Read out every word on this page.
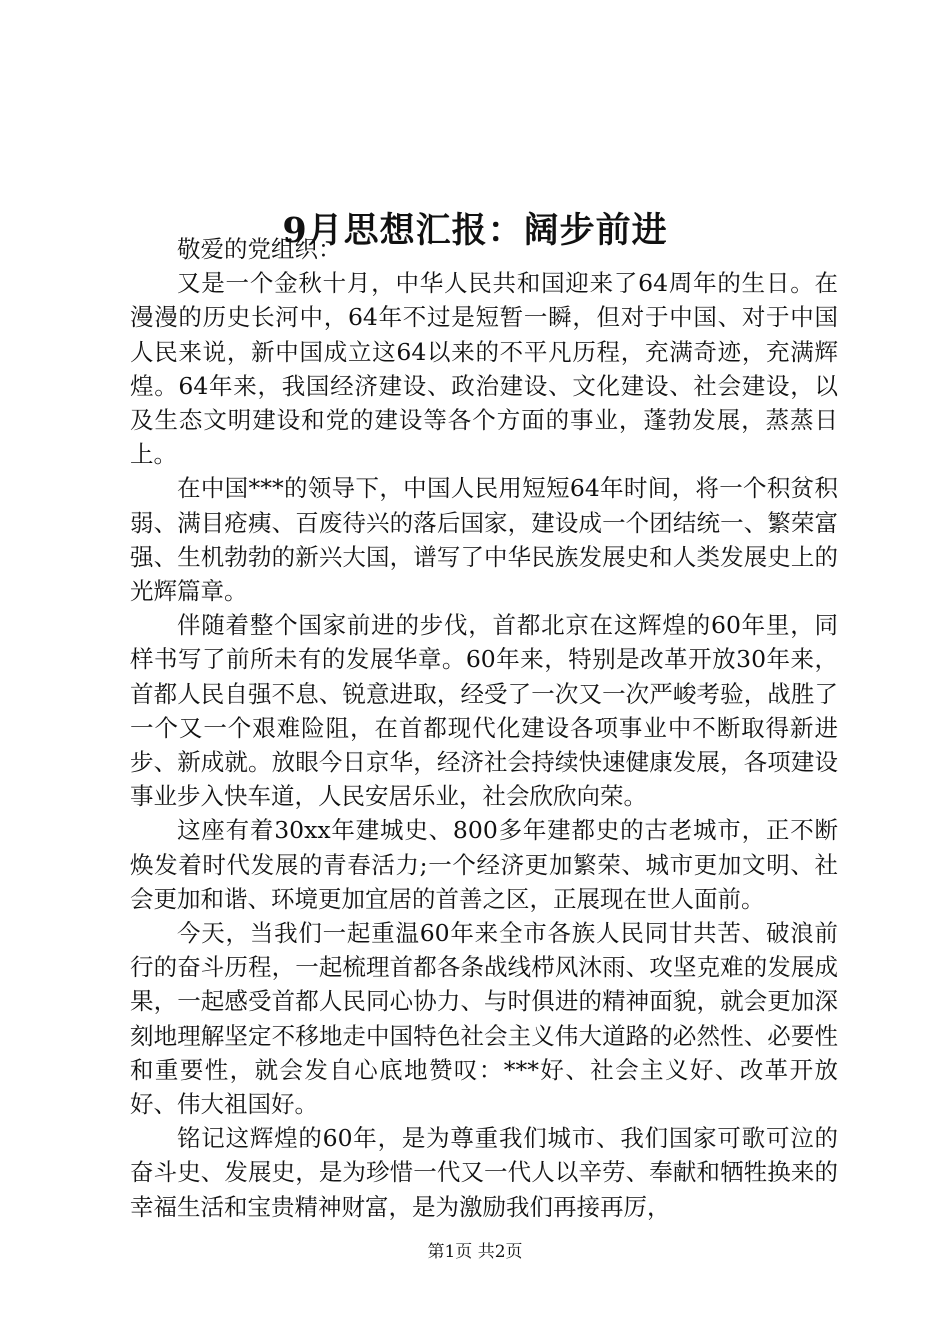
9月思想汇报：阔步前进

敬爱的党组织：

又是一个金秋十月，中华人民共和国迎来了64周年的生日。在漫漫的历史长河中，64年不过是短暂一瞬，但对于中国、对于中国人民来说，新中国成立这64以来的不平凡历程，充满奇迹，充满辉煌。64年来，我国经济建设、政治建设、文化建设、社会建设，以及生态文明建设和党的建设等各个方面的事业，蓬勃发展，蒸蒸日上。

在中国***的领导下，中国人民用短短64年时间，将一个积贫积弱、满目疮痍、百废待兴的落后国家，建设成一个团结统一、繁荣富强、生机勃勃的新兴大国，谱写了中华民族发展史和人类发展史上的光辉篇章。

伴随着整个国家前进的步伐，首都北京在这辉煌的60年里，同样书写了前所未有的发展华章。60年来，特别是改革开放30年来，首都人民自强不息、锐意进取，经受了一次又一次严峻考验，战胜了一个又一个艰难险阻，在首都现代化建设各项事业中不断取得新进步、新成就。放眼今日京华，经济社会持续快速健康发展，各项建设事业步入快车道，人民安居乐业，社会欣欣向荣。

这座有着30xx年建城史、800多年建都史的古老城市，正不断焕发着时代发展的青春活力;一个经济更加繁荣、城市更加文明、社会更加和谐、环境更加宜居的首善之区，正展现在世人面前。

今天，当我们一起重温60年来全市各族人民同甘共苦、破浪前行的奋斗历程，一起梳理首都各条战线栉风沐雨、攻坚克难的发展成果，一起感受首都人民同心协力、与时俱进的精神面貌，就会更加深刻地理解坚定不移地走中国特色社会主义伟大道路的必然性、必要性和重要性，就会发自心底地赞叹：***好、社会主义好、改革开放好、伟大祖国好。

铭记这辉煌的60年，是为尊重我们城市、我们国家可歌可泣的奋斗史、发展史，是为珍惜一代又一代人以辛劳、奉献和牺牲换来的幸福生活和宝贵精神财富，是为激励我们再接再厉，

第1页 共2页
